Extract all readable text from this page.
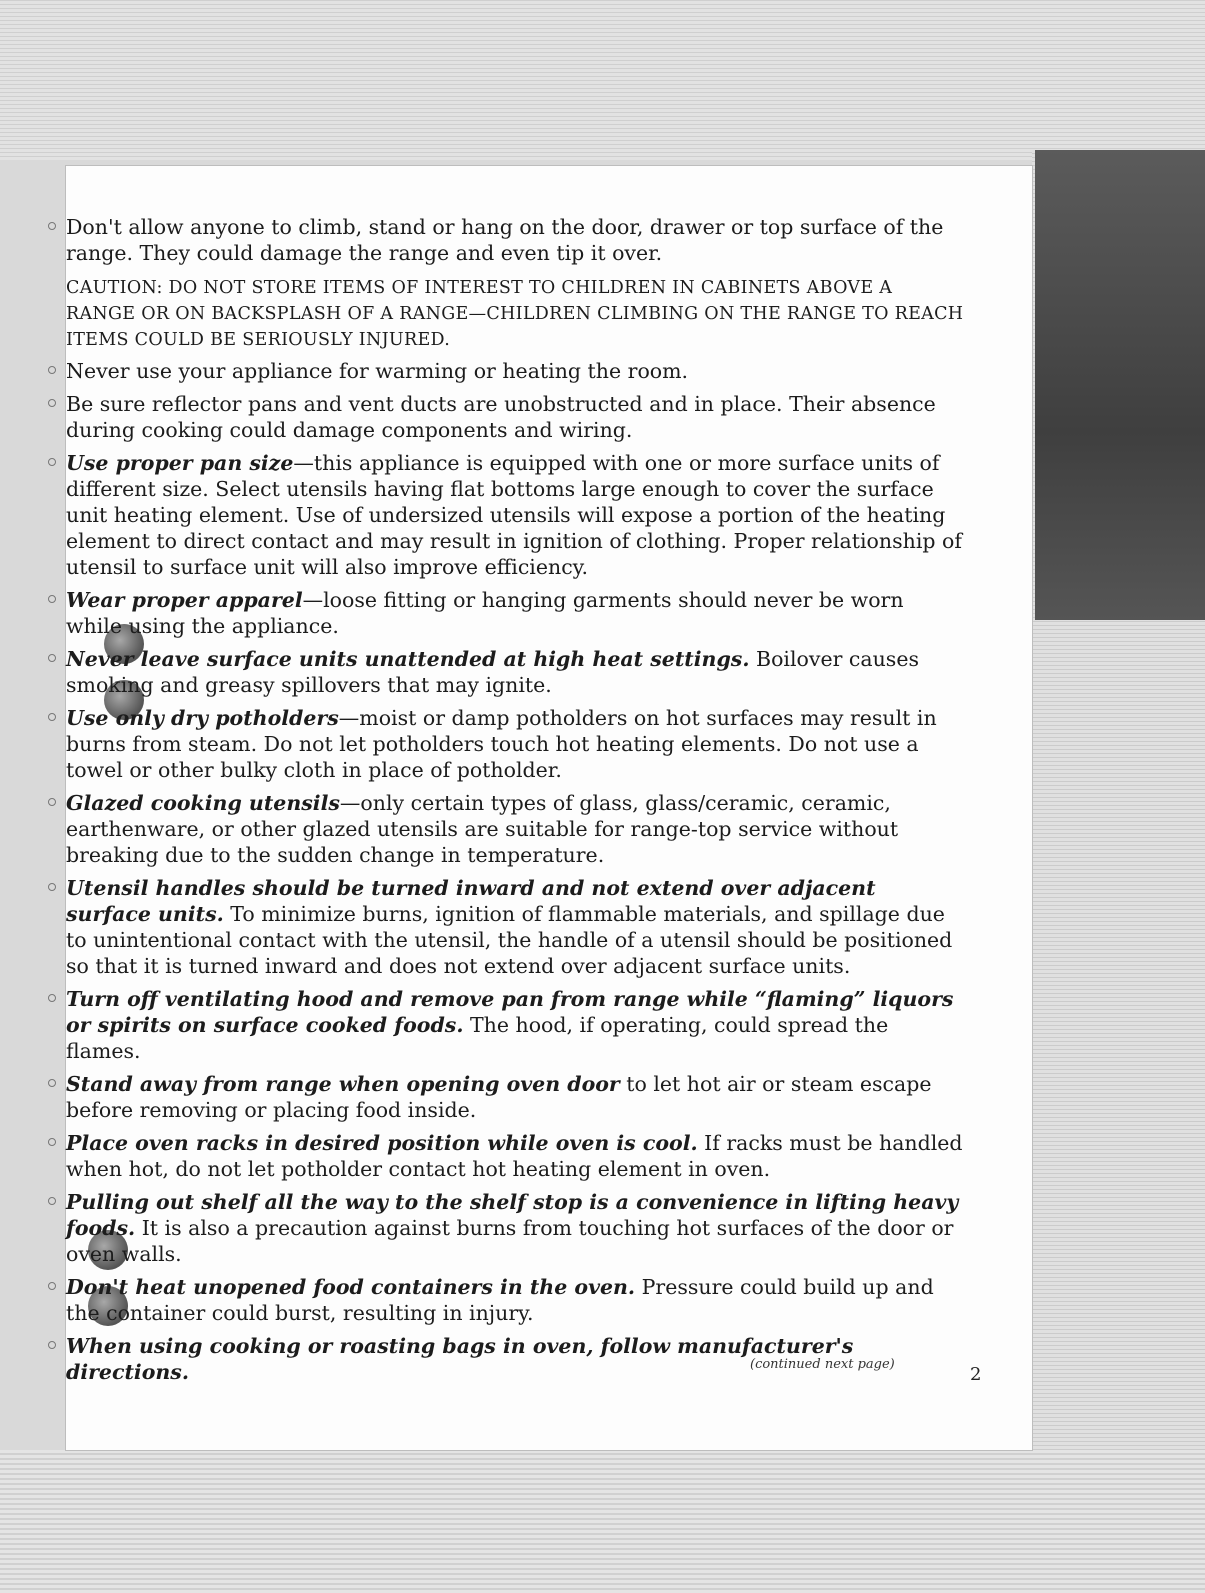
Don't allow anyone to climb, stand or hang on the door, drawer or top surface of the range. They could damage the range and even tip it over.
CAUTION: DO NOT STORE ITEMS OF INTEREST TO CHILDREN IN CABINETS ABOVE A RANGE OR ON BACKSPLASH OF A RANGE—CHILDREN CLIMBING ON THE RANGE TO REACH ITEMS COULD BE SERIOUSLY INJURED.
Never use your appliance for warming or heating the room.
Be sure reflector pans and vent ducts are unobstructed and in place. Their absence during cooking could damage components and wiring.
Use proper pan size—this appliance is equipped with one or more surface units of different size. Select utensils having flat bottoms large enough to cover the surface unit heating element. Use of undersized utensils will expose a portion of the heating element to direct contact and may result in ignition of clothing. Proper relationship of utensil to surface unit will also improve efficiency.
Wear proper apparel—loose fitting or hanging garments should never be worn while using the appliance.
Never leave surface units unattended at high heat settings. Boilover causes smoking and greasy spillovers that may ignite.
Use only dry potholders—moist or damp potholders on hot surfaces may result in burns from steam. Do not let potholders touch hot heating elements. Do not use a towel or other bulky cloth in place of potholder.
Glazed cooking utensils—only certain types of glass, glass/ceramic, ceramic, earthenware, or other glazed utensils are suitable for range-top service without breaking due to the sudden change in temperature.
Utensil handles should be turned inward and not extend over adjacent surface units. To minimize burns, ignition of flammable materials, and spillage due to unintentional contact with the utensil, the handle of a utensil should be positioned so that it is turned inward and does not extend over adjacent surface units.
Turn off ventilating hood and remove pan from range while “flaming” liquors or spirits on surface cooked foods. The hood, if operating, could spread the flames.
Stand away from range when opening oven door to let hot air or steam escape before removing or placing food inside.
Place oven racks in desired position while oven is cool. If racks must be handled when hot, do not let potholder contact hot heating element in oven.
Pulling out shelf all the way to the shelf stop is a convenience in lifting heavy foods. It is also a precaution against burns from touching hot surfaces of the door or oven walls.
Don't heat unopened food containers in the oven. Pressure could build up and the container could burst, resulting in injury.
When using cooking or roasting bags in oven, follow manufacturer's directions.	(continued next page)	2
